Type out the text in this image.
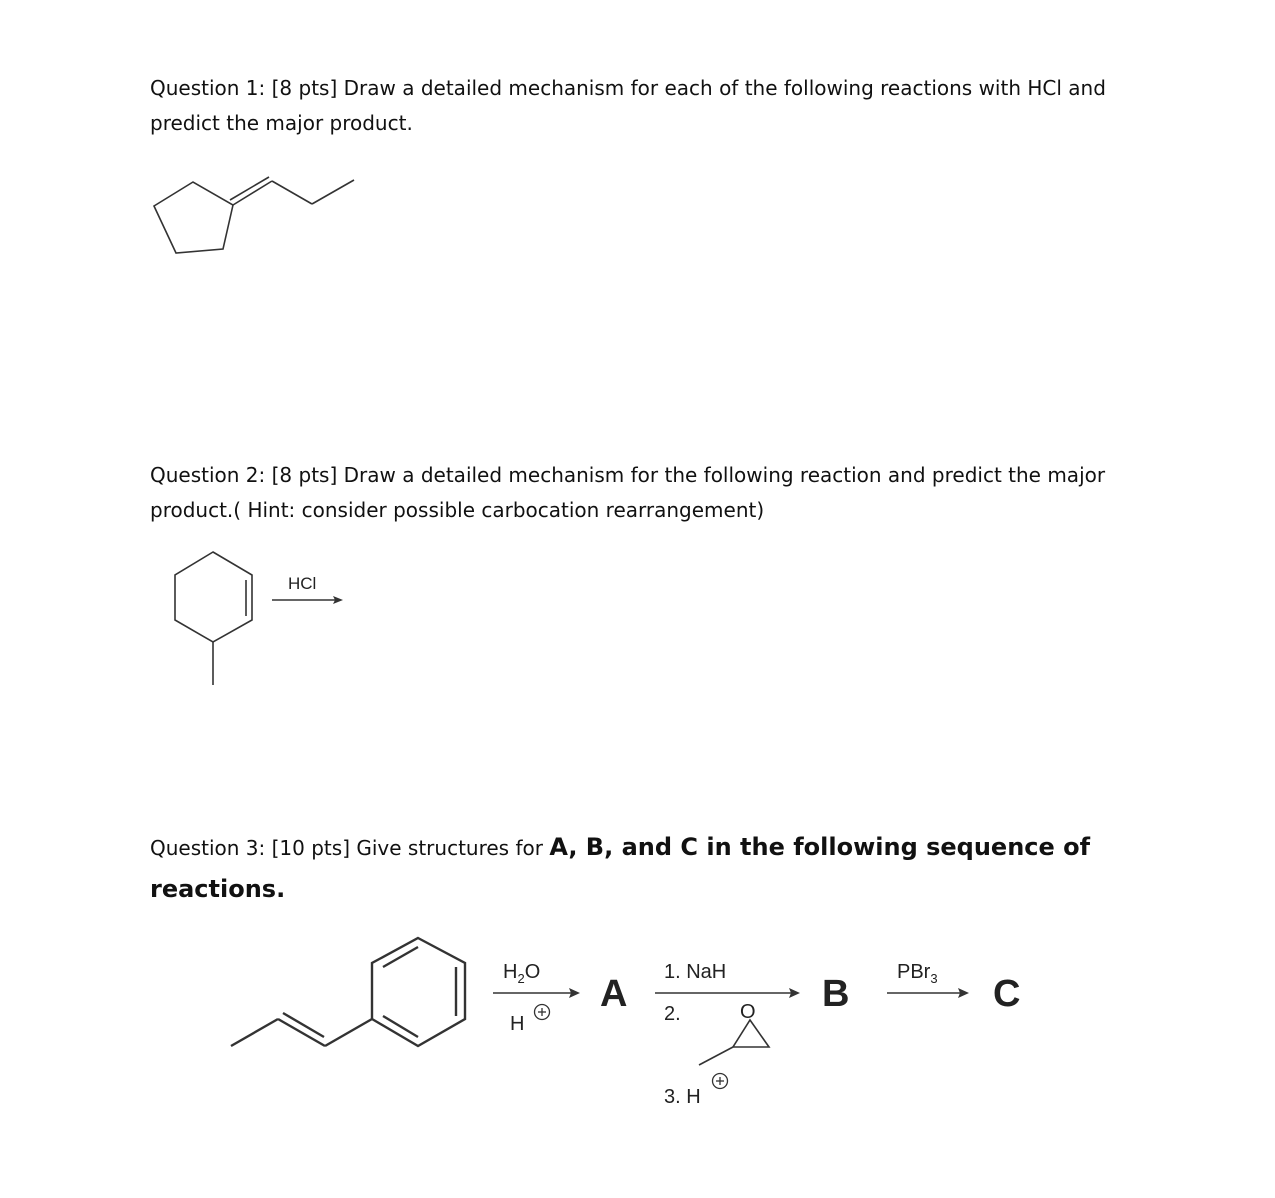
Question 1: [8 pts] Draw a detailed mechanism for each of the following reactions with HCl and predict the major product.

Question 2: [8 pts] Draw a detailed mechanism for the following reaction and predict the major product.( Hint: consider possible carbocation rearrangement)

Question 3: [10 pts] Give structures for A, B, and C in the following sequence of reactions.

HCl
$H_2O$
H
A
1. NaH
2.	O
3. H
B
PBr$_3$ C
